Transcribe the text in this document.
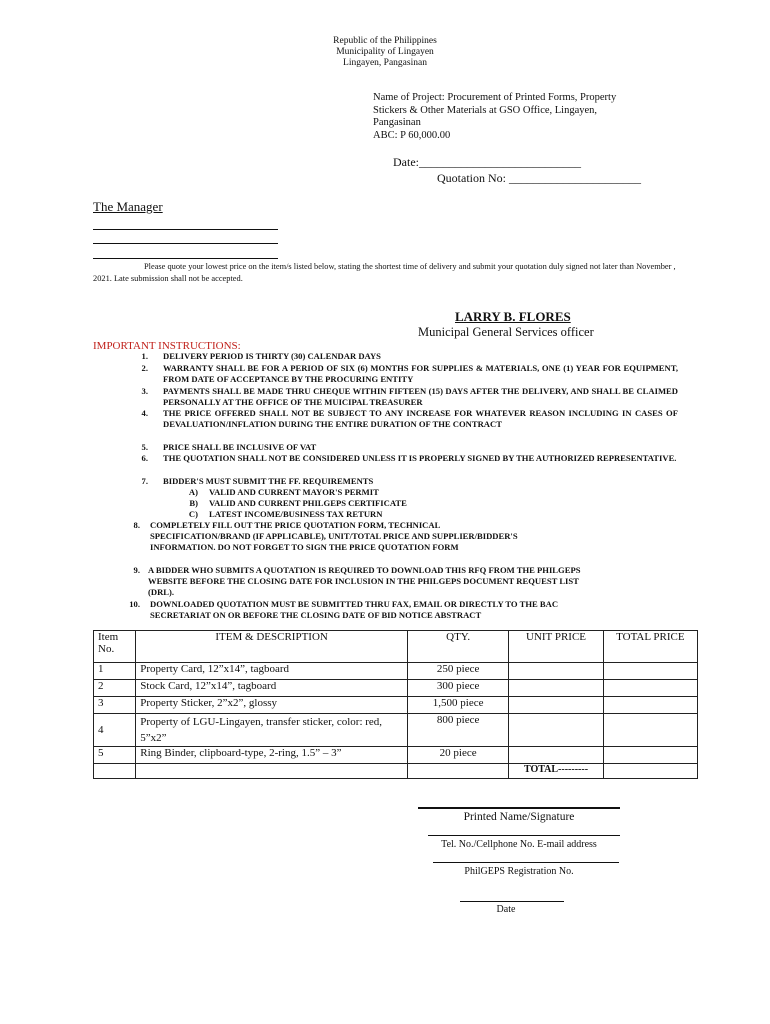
Republic of the Philippines
Municipality of Lingayen
Lingayen, Pangasinan
Name of Project: Procurement of Printed Forms, Property
Stickers & Other Materials at GSO Office, Lingayen,
Pangasinan
ABC: P 60,000.00
Date:___________________________
Quotation No: ______________________
The Manager
Please quote your lowest price on the item/s listed below, stating the shortest time of delivery and submit your quotation duly signed not later than November , 2021. Late submission shall not be accepted.
LARRY B. FLORES
Municipal General Services officer
IMPORTANT INSTRUCTIONS:
1. DELIVERY PERIOD IS THIRTY (30) CALENDAR DAYS
2. WARRANTY SHALL BE FOR A PERIOD OF SIX (6) MONTHS FOR SUPPLIES & MATERIALS, ONE (1) YEAR FOR EQUIPMENT, FROM DATE OF ACCEPTANCE BY THE PROCURING ENTITY
3. PAYMENTS SHALL BE MADE THRU CHEQUE WITHIN FIFTEEN (15) DAYS AFTER THE DELIVERY, AND SHALL BE CLAIMED PERSONALLY AT THE OFFICE OF THE MUICIPAL TREASURER
4. THE PRICE OFFERED SHALL NOT BE SUBJECT TO ANY INCREASE FOR WHATEVER REASON INCLUDING IN CASES OF DEVALUATION/INFLATION DURING THE ENTIRE DURATION OF THE CONTRACT
5. PRICE SHALL BE INCLUSIVE OF VAT
6. THE QUOTATION SHALL NOT BE CONSIDERED UNLESS IT IS PROPERLY SIGNED BY THE AUTHORIZED REPRESENTATIVE.
7. BIDDER'S MUST SUBMIT THE FF. REQUIREMENTS
A) VALID AND CURRENT MAYOR'S PERMIT
B) VALID AND CURRENT PHILGEPS CERTIFICATE
C) LATEST INCOME/BUSINESS TAX RETURN
8. COMPLETELY FILL OUT THE PRICE QUOTATION FORM, TECHNICAL SPECIFICATION/BRAND (IF APPLICABLE), UNIT/TOTAL PRICE AND SUPPLIER/BIDDER'S INFORMATION. DO NOT FORGET TO SIGN THE PRICE QUOTATION FORM
9. A BIDDER WHO SUBMITS A QUOTATION IS REQUIRED TO DOWNLOAD THIS RFQ FROM THE PHILGEPS WEBSITE BEFORE THE CLOSING DATE FOR INCLUSION IN THE PHILGEPS DOCUMENT REQUEST LIST (DRL).
10. DOWNLOADED QUOTATION MUST BE SUBMITTED THRU FAX, EMAIL OR DIRECTLY TO THE BAC SECRETARIAT ON OR BEFORE THE CLOSING DATE OF BID NOTICE ABSTRACT
Item No.	ITEM & DESCRIPTION	QTY.	UNIT PRICE	TOTAL PRICE
1	Property Card, 12”x14”, tagboard	250 piece		
2	Stock Card, 12”x14”, tagboard	300 piece		
3	Property Sticker, 2”x2”, glossy	1,500 piece		
4	Property of LGU-Lingayen, transfer sticker, color: red, 5”x2”	800 piece		
5	Ring Binder, clipboard-type, 2-ring, 1.5” – 3”	20 piece		
			TOTAL---------	
Printed Name/Signature
Tel. No./Cellphone No. E-mail address
PhilGEPS Registration No.
Date
